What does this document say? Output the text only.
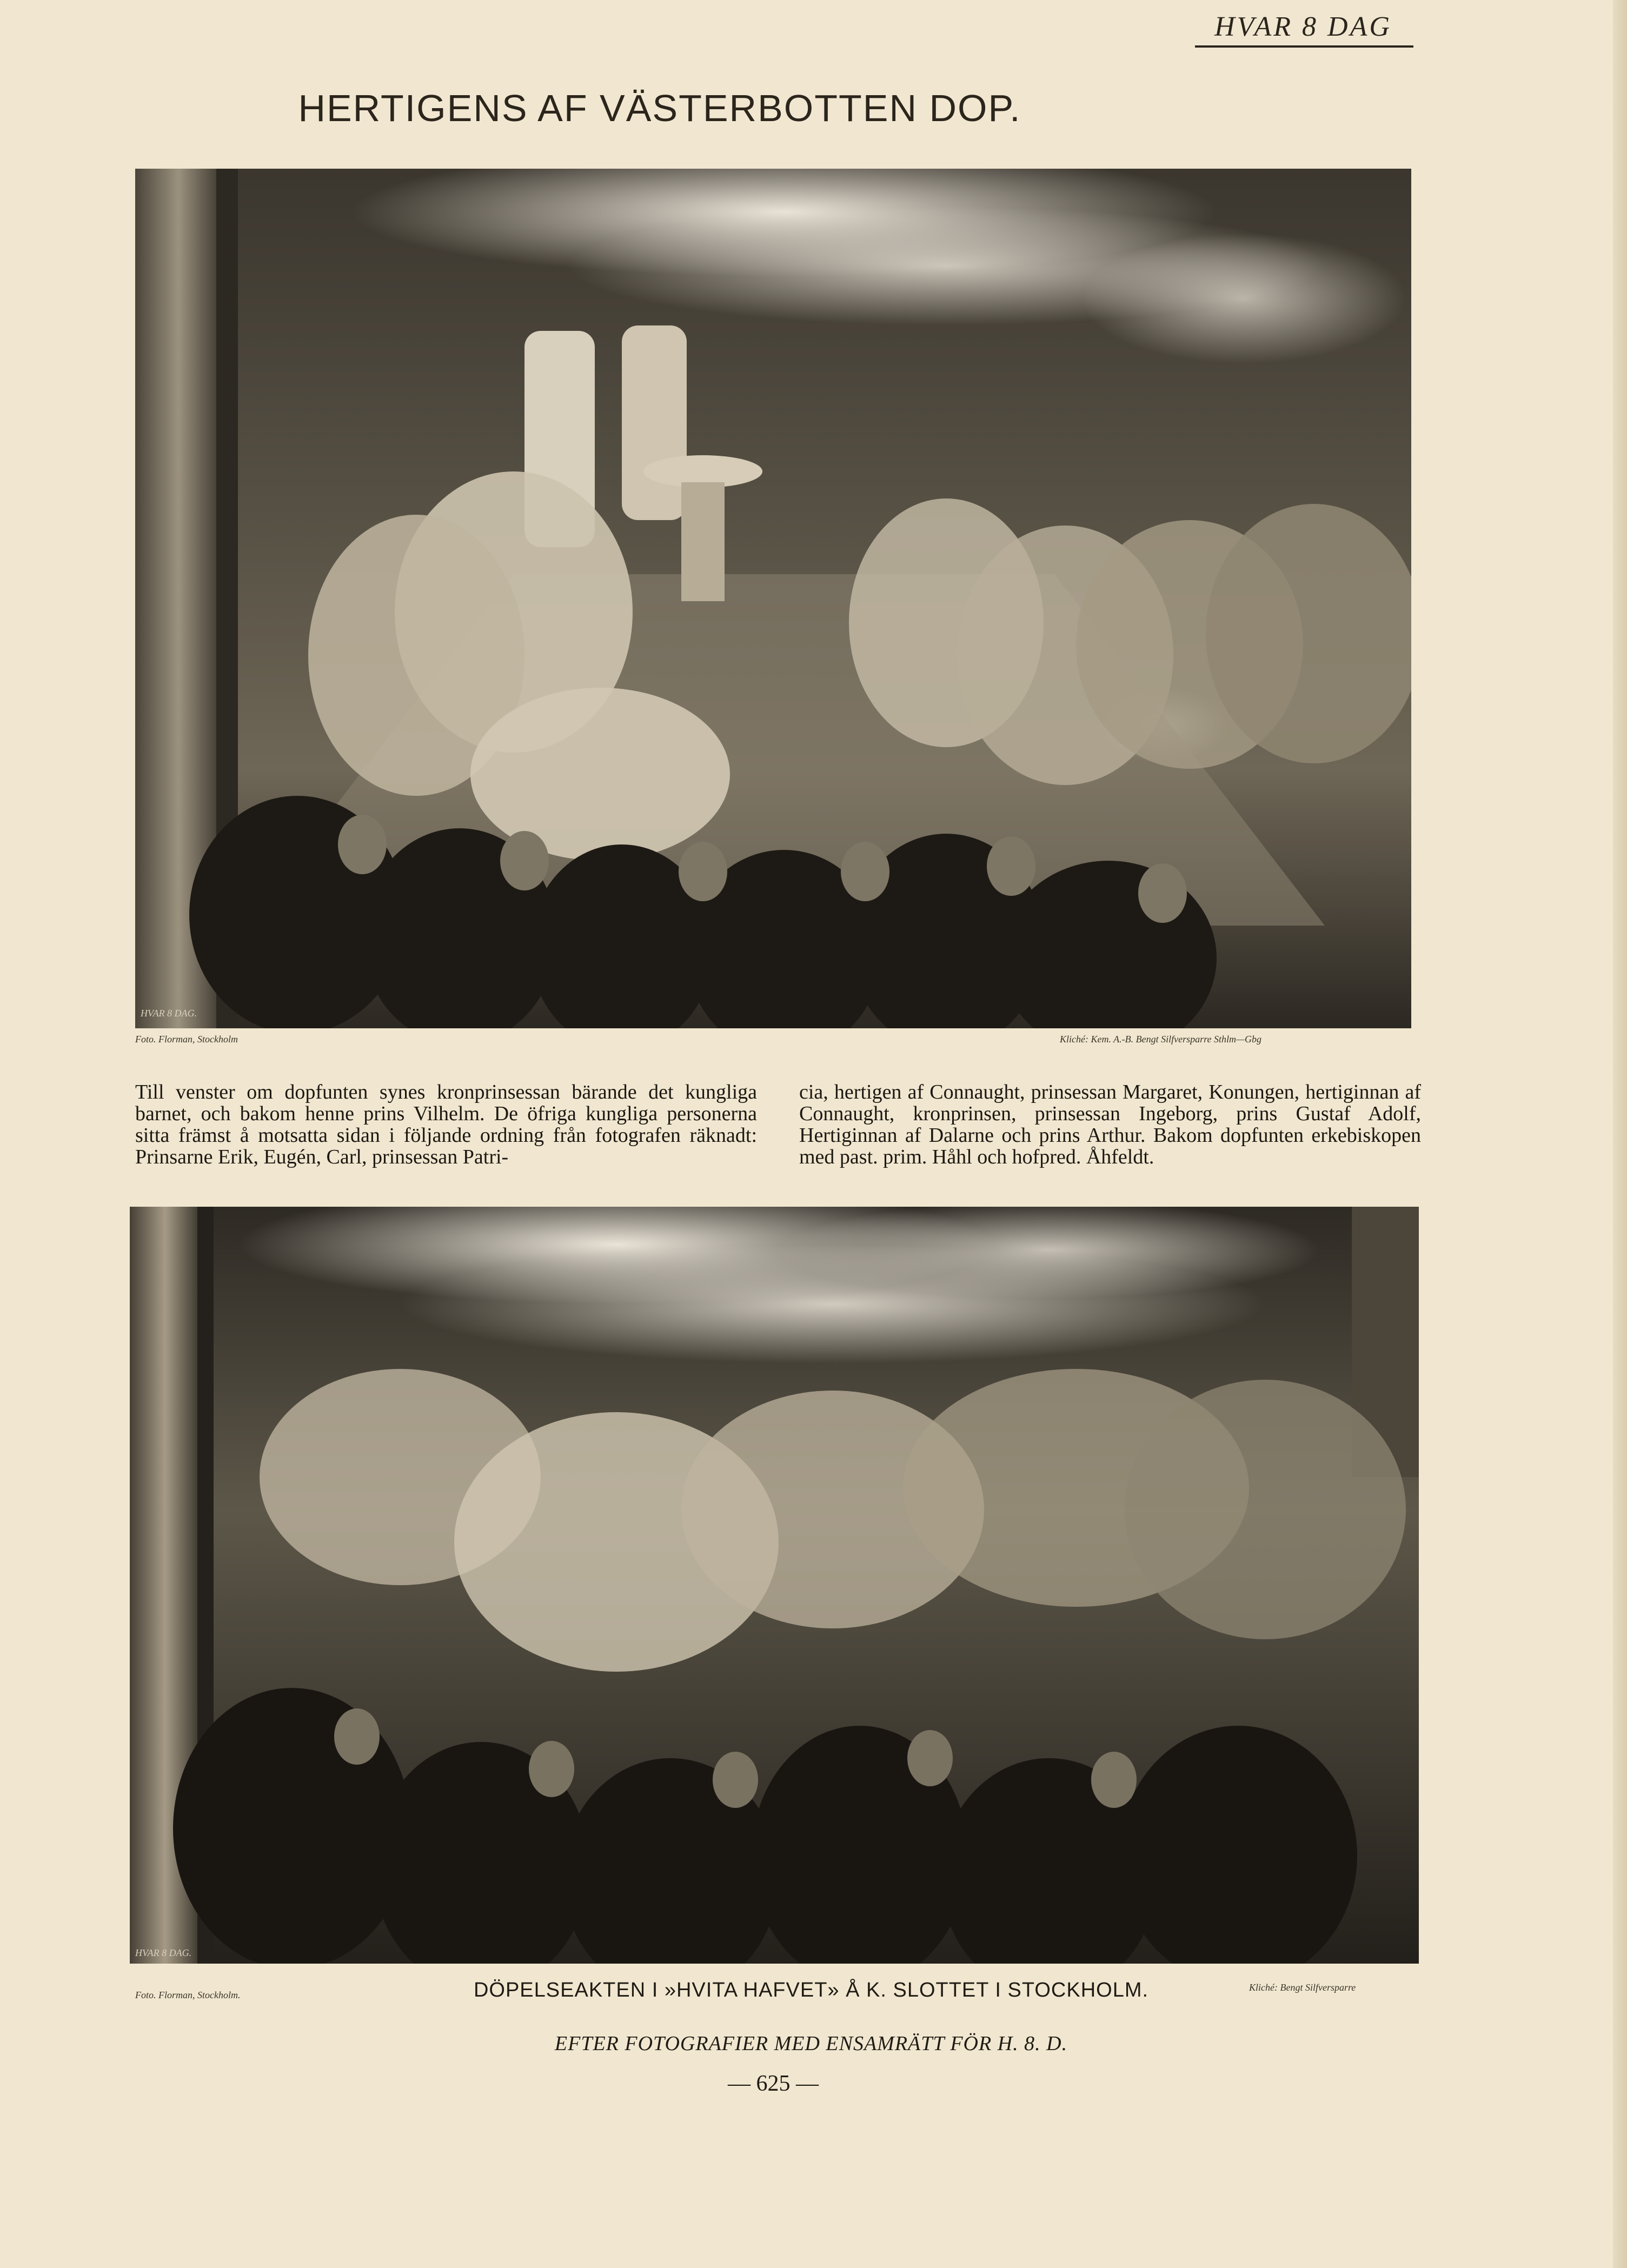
HVAR 8 DAG
HERTIGENS AF VÄSTERBOTTEN DOP.
HVAR 8 DAG.
Foto. Florman, Stockholm	Kliché: Kem. A.-B. Bengt Silfversparre Sthlm—Gbg
Till venster om dopfunten synes kronprinsessan bärande det kungliga barnet, och bakom henne prins Vilhelm. De öfriga kungliga personerna sitta främst å motsatta sidan i följande ordning från fotografen räknadt: Prinsarne Erik, Eugén, Carl, prinsessan Patri-
cia, hertigen af Connaught, prinsessan Margaret, Konungen, hertiginnan af Connaught, kronprinsen, prinsessan Ingeborg, prins Gustaf Adolf, Hertiginnan af Dalarne och prins Arthur. Bakom dopfunten erkebiskopen med past. prim. Håhl och hofpred. Åhfeldt.
HVAR 8 DAG.
Foto. Florman, Stockholm.
Kliché: Bengt Silfversparre
DÖPELSEAKTEN I »HVITA HAFVET» Å K. SLOTTET I STOCKHOLM.
EFTER FOTOGRAFIER MED ENSAMRÄTT FÖR H. 8. D.
— 625 —
